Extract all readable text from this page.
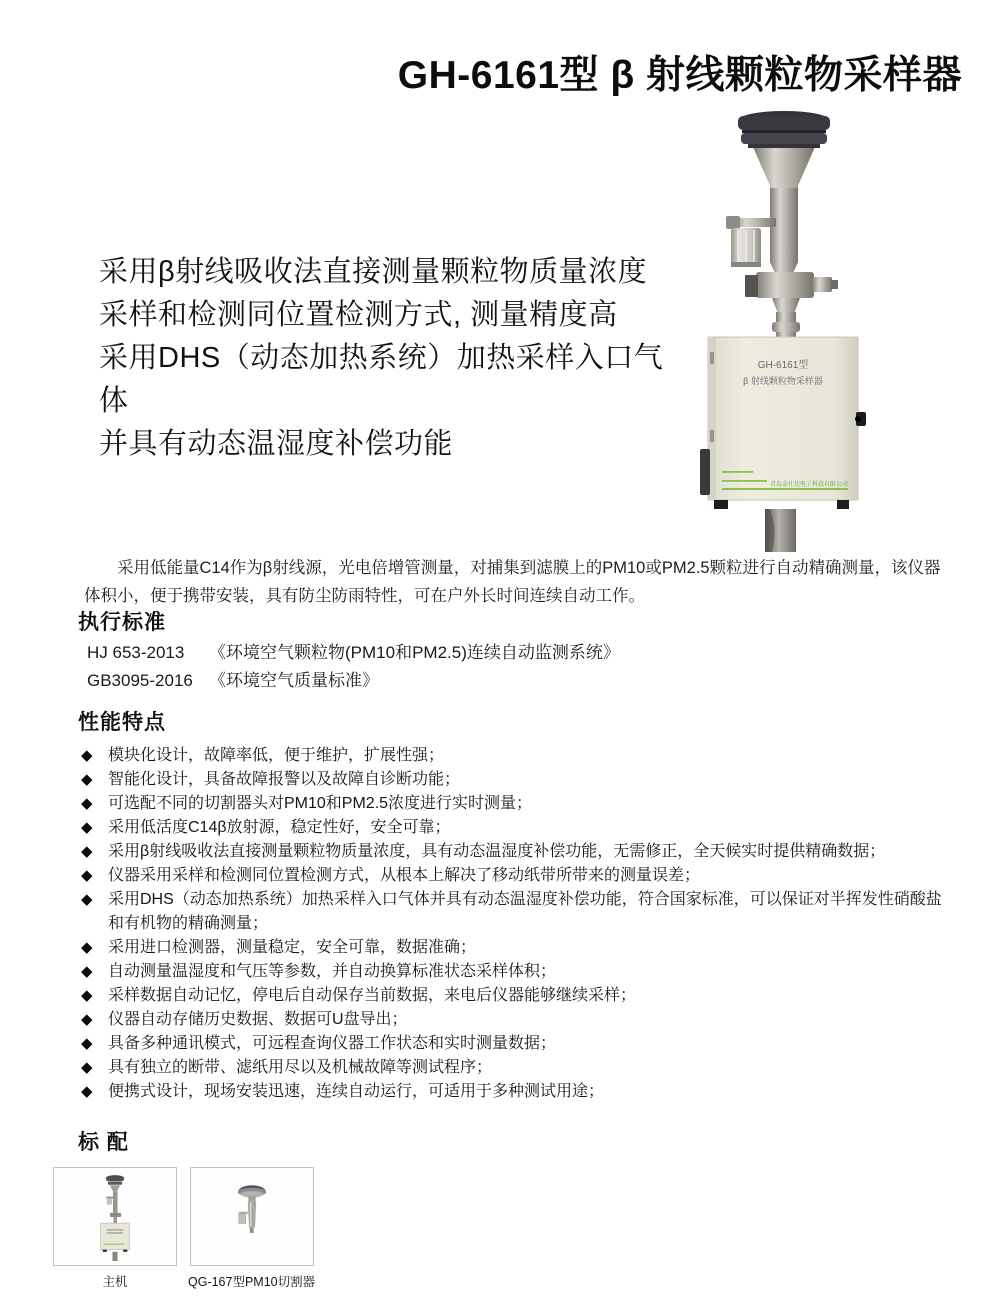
GH-6161型 β 射线颗粒物采样器
GH-6161型
β 射线颗粒物采样器
青岛金仕达电子科技有限公司
采用β射线吸收法直接测量颗粒物质量浓度
采样和检测同位置检测方式, 测量精度高
采用DHS（动态加热系统）加热采样入口气体
并具有动态温湿度补偿功能

采用低能量C14作为β射线源，光电倍增管测量，对捕集到滤膜上的PM10或PM2.5颗粒进行自动精确测量，该仪器体积小，便于携带安装，具有防尘防雨特性，可在户外长时间连续自动工作。

执行标准
HJ 653-2013	《环境空气颗粒物(PM10和PM2.5)连续自动监测系统》
GB3095-2016 《环境空气质量标准》
性能特点
◆ 模块化设计，故障率低，便于维护，扩展性强；
◆ 智能化设计，具备故障报警以及故障自诊断功能；
◆ 可选配不同的切割器头对PM10和PM2.5浓度进行实时测量；
◆ 采用低活度C14β放射源，稳定性好，安全可靠；
◆ 采用β射线吸收法直接测量颗粒物质量浓度，具有动态温湿度补偿功能，无需修正，全天候实时提供精确数据；
◆ 仪器采用采样和检测同位置检测方式，从根本上解决了移动纸带所带来的测量误差；
◆ 采用DHS（动态加热系统）加热采样入口气体并具有动态温湿度补偿功能，符合国家标准，可以保证对半挥发性硝酸盐和有机物的精确测量；
◆ 采用进口检测器，测量稳定，安全可靠，数据准确；
◆ 自动测量温湿度和气压等参数，并自动换算标准状态采样体积；
◆ 采样数据自动记忆，停电后自动保存当前数据，来电后仪器能够继续采样；
◆ 仪器自动存储历史数据、数据可U盘导出；
◆ 具备多种通讯模式，可远程查询仪器工作状态和实时测量数据；
◆ 具有独立的断带、滤纸用尽以及机械故障等测试程序；
◆ 便携式设计，现场安装迅速，连续自动运行，可适用于多种测试用途；
标 配
主机	QG-167型PM10切割器
